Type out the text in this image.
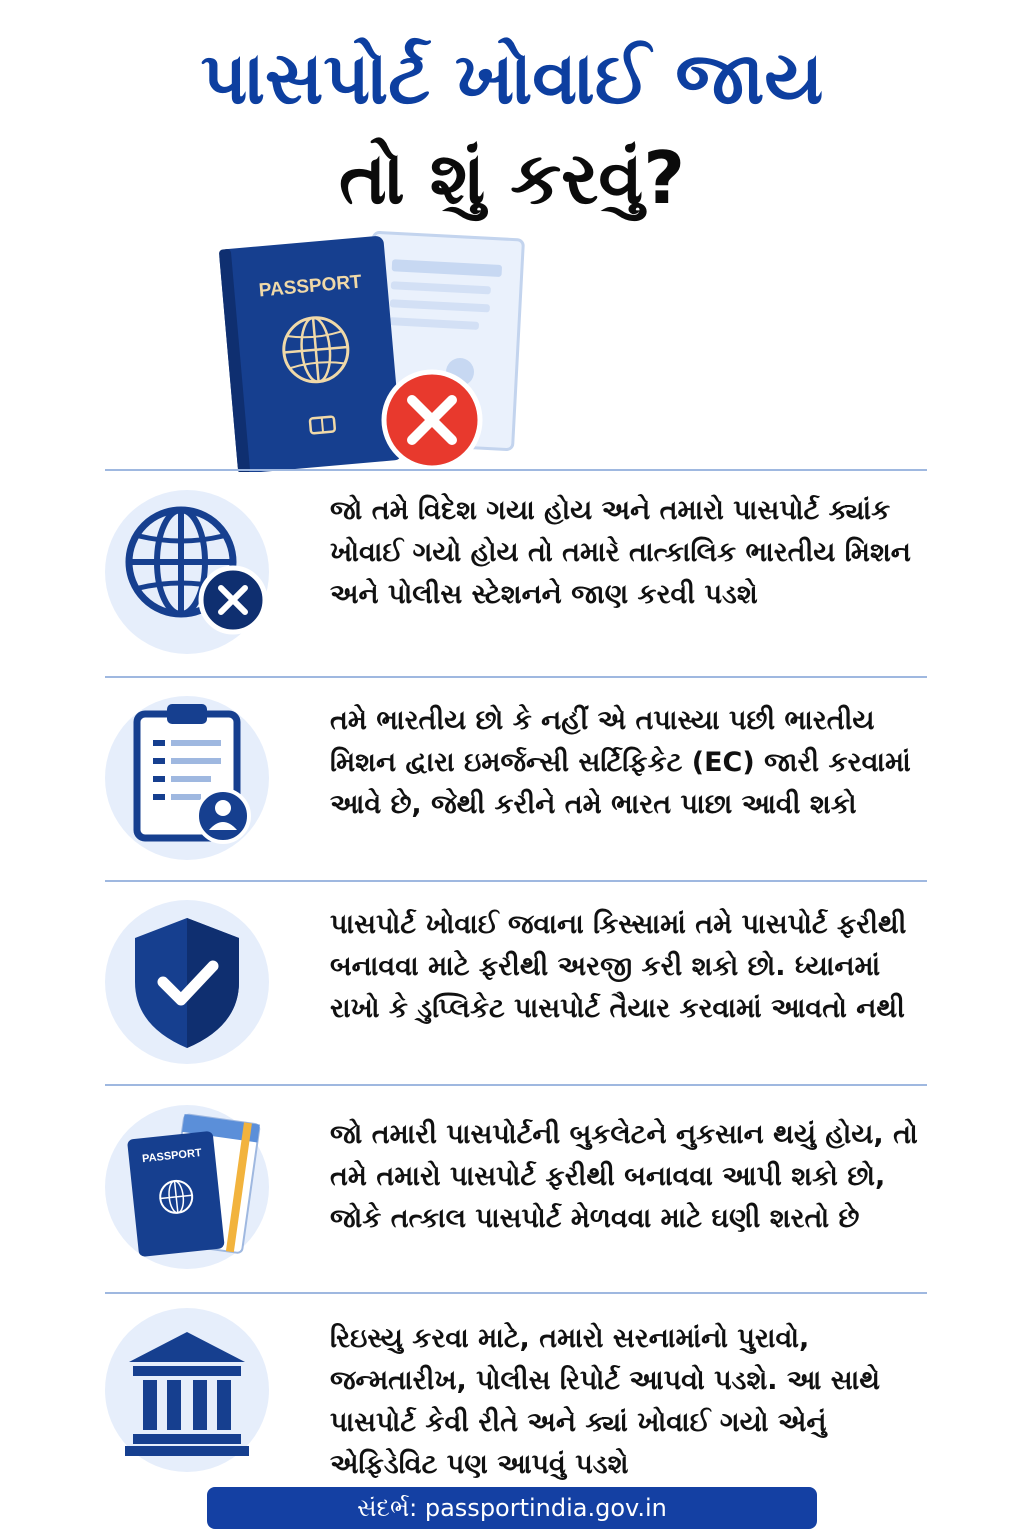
પાસપોર્ટ ખોવાઈ જાય
તો શું કરવું?
PASSPORT
જો તમે વિદેશ ગયા હોય અને તમારો પાસપોર્ટ ક્યાંક ખોવાઈ ગયો હોય તો તમારે તાત્કાલિક ભારતીય મિશન અને પોલીસ સ્ટેશનને જાણ કરવી પડશે
તમે ભારતીય છો કે નહીં એ તપાસ્યા પછી ભારતીય મિશન દ્વારા ઇમર્જન્સી સર્ટિફિકેટ (EC) જારી કરવામાં આવે છે, જેથી કરીને તમે ભારત પાછા આવી શકો
પાસપોર્ટ ખોવાઈ જવાના કિસ્સામાં તમે પાસપોર્ટ ફરીથી બનાવવા માટે ફરીથી અરજી કરી શકો છો. ધ્યાનમાં રાખો કે ડુપ્લિકેટ પાસપોર્ટ તૈયાર કરવામાં આવતો નથી
PASSPORT
જો તમારી પાસપોર્ટની બુકલેટને નુકસાન થયું હોય, તો તમે તમારો પાસપોર્ટ ફરીથી બનાવવા આપી શકો છો, જોકે તત્કાલ પાસપોર્ટ મેળવવા માટે ઘણી શરતો છે
રિઇસ્યુ કરવા માટે, તમારો સરનામાંનો પુરાવો, જન્મતારીખ, પોલીસ રિપોર્ટ આપવો પડશે. આ સાથે પાસપોર્ટ કેવી રીતે અને ક્યાં ખોવાઈ ગયો એનું એફિડેવિટ પણ આપવું પડશે
સંદર્ભ: passportindia.gov.in
